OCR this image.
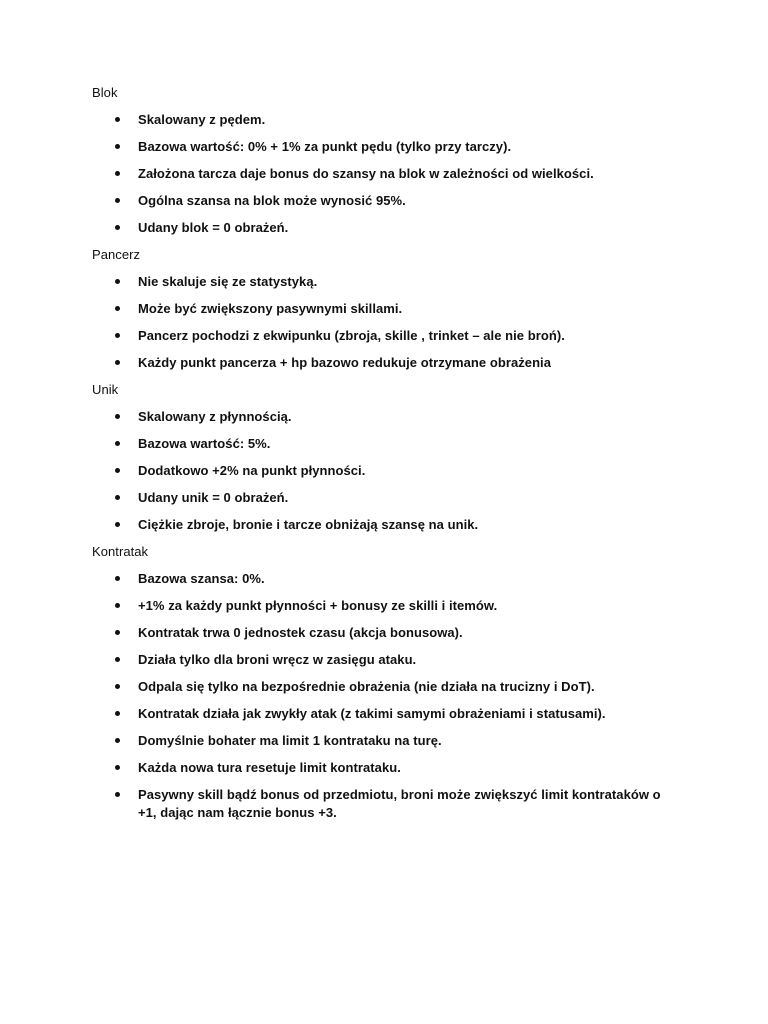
Blok
Skalowany z pędem.
Bazowa wartość: 0% + 1% za punkt pędu (tylko przy tarczy).
Założona tarcza daje bonus do szansy na blok w zależności od wielkości.
Ogólna szansa na blok może wynosić 95%.
Udany blok = 0 obrażeń.
Pancerz
Nie skaluje się ze statystyką.
Może być zwiększony pasywnymi skillami.
Pancerz pochodzi z ekwipunku (zbroja, skille , trinket – ale nie broń).
Każdy punkt pancerza + hp bazowo redukuje otrzymane obrażenia
Unik
Skalowany z płynnością.
Bazowa wartość: 5%.
Dodatkowo +2% na punkt płynności.
Udany unik = 0 obrażeń.
Ciężkie zbroje, bronie i tarcze obniżają szansę na unik.
Kontratak
Bazowa szansa: 0%.
+1% za każdy punkt płynności + bonusy ze skilli i itemów.
Kontratak trwa 0 jednostek czasu (akcja bonusowa).
Działa tylko dla broni wręcz w zasięgu ataku.
Odpala się tylko na bezpośrednie obrażenia (nie działa na trucizny i DoT).
Kontratak działa jak zwykły atak (z takimi samymi obrażeniami i statusami).
Domyślnie bohater ma limit 1 kontrataku na turę.
Każda nowa tura resetuje limit kontrataku.
Pasywny skill bądź bonus od przedmiotu, broni może zwiększyć limit kontrataków o +1, dając nam łącznie bonus +3.
